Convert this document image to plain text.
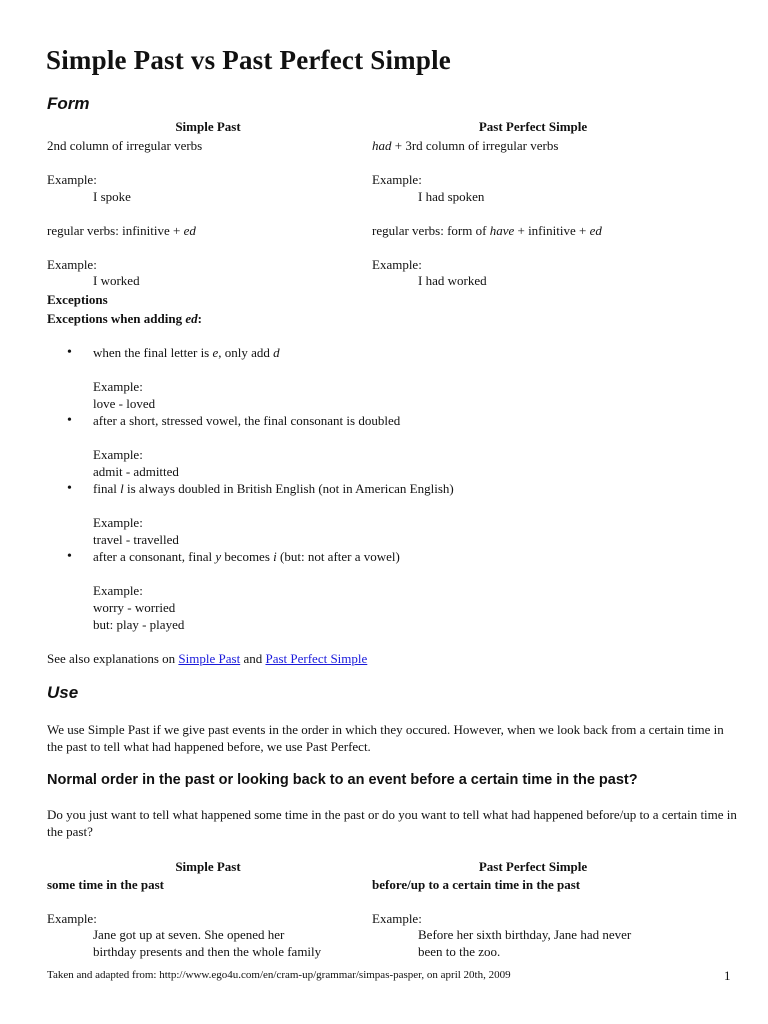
Simple Past vs Past Perfect Simple
Form
Simple Past	Past Perfect Simple
2nd column of irregular verbs	had + 3rd column of irregular verbs
Example:	Example:
I spoke	I had spoken
regular verbs: infinitive + ed	regular verbs: form of have + infinitive + ed
Example:	Example:
I worked	I had worked
Exceptions
Exceptions when adding ed:
• when the final letter is e, only add d
Example:
love - loved
• after a short, stressed vowel, the final consonant is doubled
Example:
admit - admitted
• final l is always doubled in British English (not in American English)
Example:
travel - travelled
• after a consonant, final y becomes i (but: not after a vowel)
Example:
worry - worried
but: play - played
See also explanations on Simple Past and Past Perfect Simple
Use
We use Simple Past if we give past events in the order in which they occured. However, when we look back from a certain time in the past to tell what had happened before, we use Past Perfect.
Normal order in the past or looking back to an event before a certain time in the past?
Do you just want to tell what happened some time in the past or do you want to tell what had happened before/up to a certain time in the past?
Simple Past	Past Perfect Simple
some time in the past	before/up to a certain time in the past
Example:	Example:
Jane got up at seven. She opened her	Before her sixth birthday, Jane had never
birthday presents and then the whole family	been to the zoo.
Taken and adapted from: http://www.ego4u.com/en/cram-up/grammar/simpas-pasper, on april 20th, 2009	1
